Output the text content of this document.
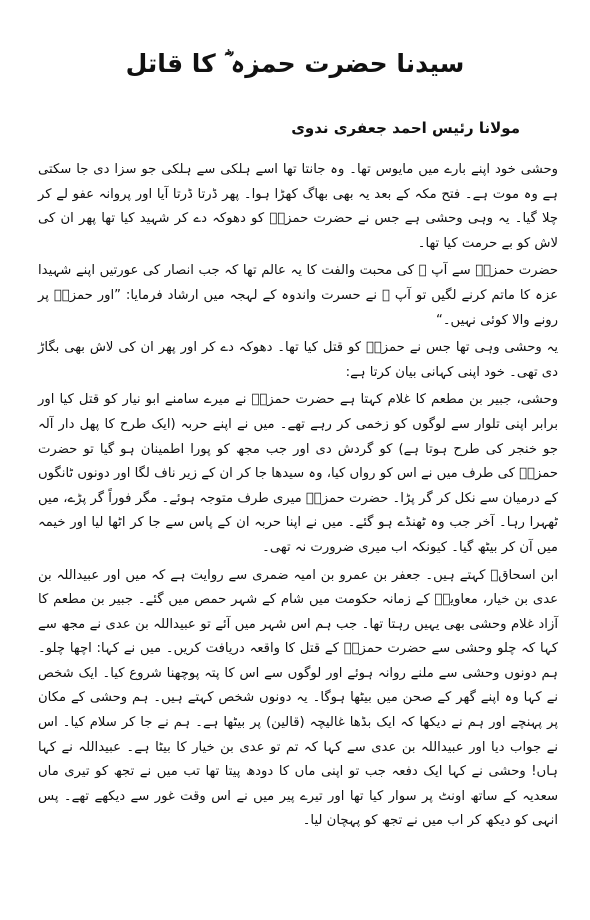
سیدنا حضرت حمزہ ؓ کا قاتل
مولانا رئیس احمد جعفری ندوی

وحشی خود اپنے بارے میں مایوس تھا۔ وہ جانتا تھا اسے ہلکی سے ہلکی جو سزا دی جا سکتی ہے وہ موت ہے۔ فتح مکہ کے بعد یہ بھی بھاگ کھڑا ہوا۔ پھر ڈرتا ڈرتا آیا اور پروانہ عفو لے کر چلا گیا۔ یہ وہی وحشی ہے جس نے حضرت حمزہؓ کو دھوکہ دے کر شہید کیا تھا پھر ان کی لاش کو بے حرمت کیا تھا۔

حضرت حمزہؓ سے آپ ﷺ کی محبت والفت کا یہ عالم تھا کہ جب انصار کی عورتیں اپنے شہیدا عزہ کا ماتم کرنے لگیں تو آپ ﷺ نے حسرت واندوہ کے لہجہ میں ارشاد فرمایا: ”اور حمزہؓ پر رونے والا کوئی نہیں۔“

یہ وحشی وہی تھا جس نے حمزہؓ کو قتل کیا تھا۔ دھوکہ دے کر اور پھر ان کی لاش بھی بگاڑ دی تھی۔ خود اپنی کہانی بیان کرتا ہے:

وحشی، جبیر بن مطعم کا غلام کہتا ہے حضرت حمزہؓ نے میرے سامنے ابو نیار کو قتل کیا اور برابر اپنی تلوار سے لوگوں کو زخمی کر رہے تھے۔ میں نے اپنے حربہ (ایک طرح کا پھل دار آلہ جو خنجر کی طرح ہوتا ہے) کو گردش دی اور جب مجھ کو پورا اطمینان ہو گیا تو حضرت حمزہؓ کی طرف میں نے اس کو رواں کیا، وہ سیدھا جا کر ان کے زیر ناف لگا اور دونوں ٹانگوں کے درمیان سے نکل کر گر پڑا۔ حضرت حمزہؓ میری طرف متوجہ ہوئے۔ مگر فوراً گر پڑے، میں ٹھہرا رہا۔ آخر جب وہ ٹھنڈے ہو گئے۔ میں نے اپنا حربہ ان کے پاس سے جا کر اٹھا لیا اور خیمہ میں آن کر بیٹھ گیا۔ کیونکہ اب میری ضرورت نہ تھی۔

ابن اسحاقؒ کہتے ہیں۔ جعفر بن عمرو بن امیہ ضمری سے روایت ہے کہ میں اور عبیداللہ بن عدی بن خیار، معاویہؓ کے زمانہ حکومت میں شام کے شہر حمص میں گئے۔ جبیر بن مطعم کا آزاد غلام وحشی بھی یہیں رہتا تھا۔ جب ہم اس شہر میں آئے تو عبیداللہ بن عدی نے مجھ سے کہا کہ چلو وحشی سے حضرت حمزہؓ کے قتل کا واقعہ دریافت کریں۔ میں نے کہا: اچھا چلو۔ ہم دونوں وحشی سے ملنے روانہ ہوئے اور لوگوں سے اس کا پتہ پوچھنا شروع کیا۔ ایک شخص نے کہا وہ اپنے گھر کے صحن میں بیٹھا ہوگا۔ یہ دونوں شخص کہتے ہیں۔ ہم وحشی کے مکان پر پہنچے اور ہم نے دیکھا کہ ایک بڈھا غالیچہ (قالین) پر بیٹھا ہے۔ ہم نے جا کر سلام کیا۔ اس نے جواب دیا اور عبیداللہ بن عدی سے کہا کہ تم تو عدی بن خیار کا بیٹا ہے۔ عبیداللہ نے کہا ہاں! وحشی نے کہا ایک دفعہ جب تو اپنی ماں کا دودھ پیتا تھا تب میں نے تجھ کو تیری ماں سعدیہ کے ساتھ اونٹ پر سوار کیا تھا اور تیرے پیر میں نے اس وقت غور سے دیکھے تھے۔ پس انہی کو دیکھ کر اب میں نے تجھ کو پہچان لیا۔
